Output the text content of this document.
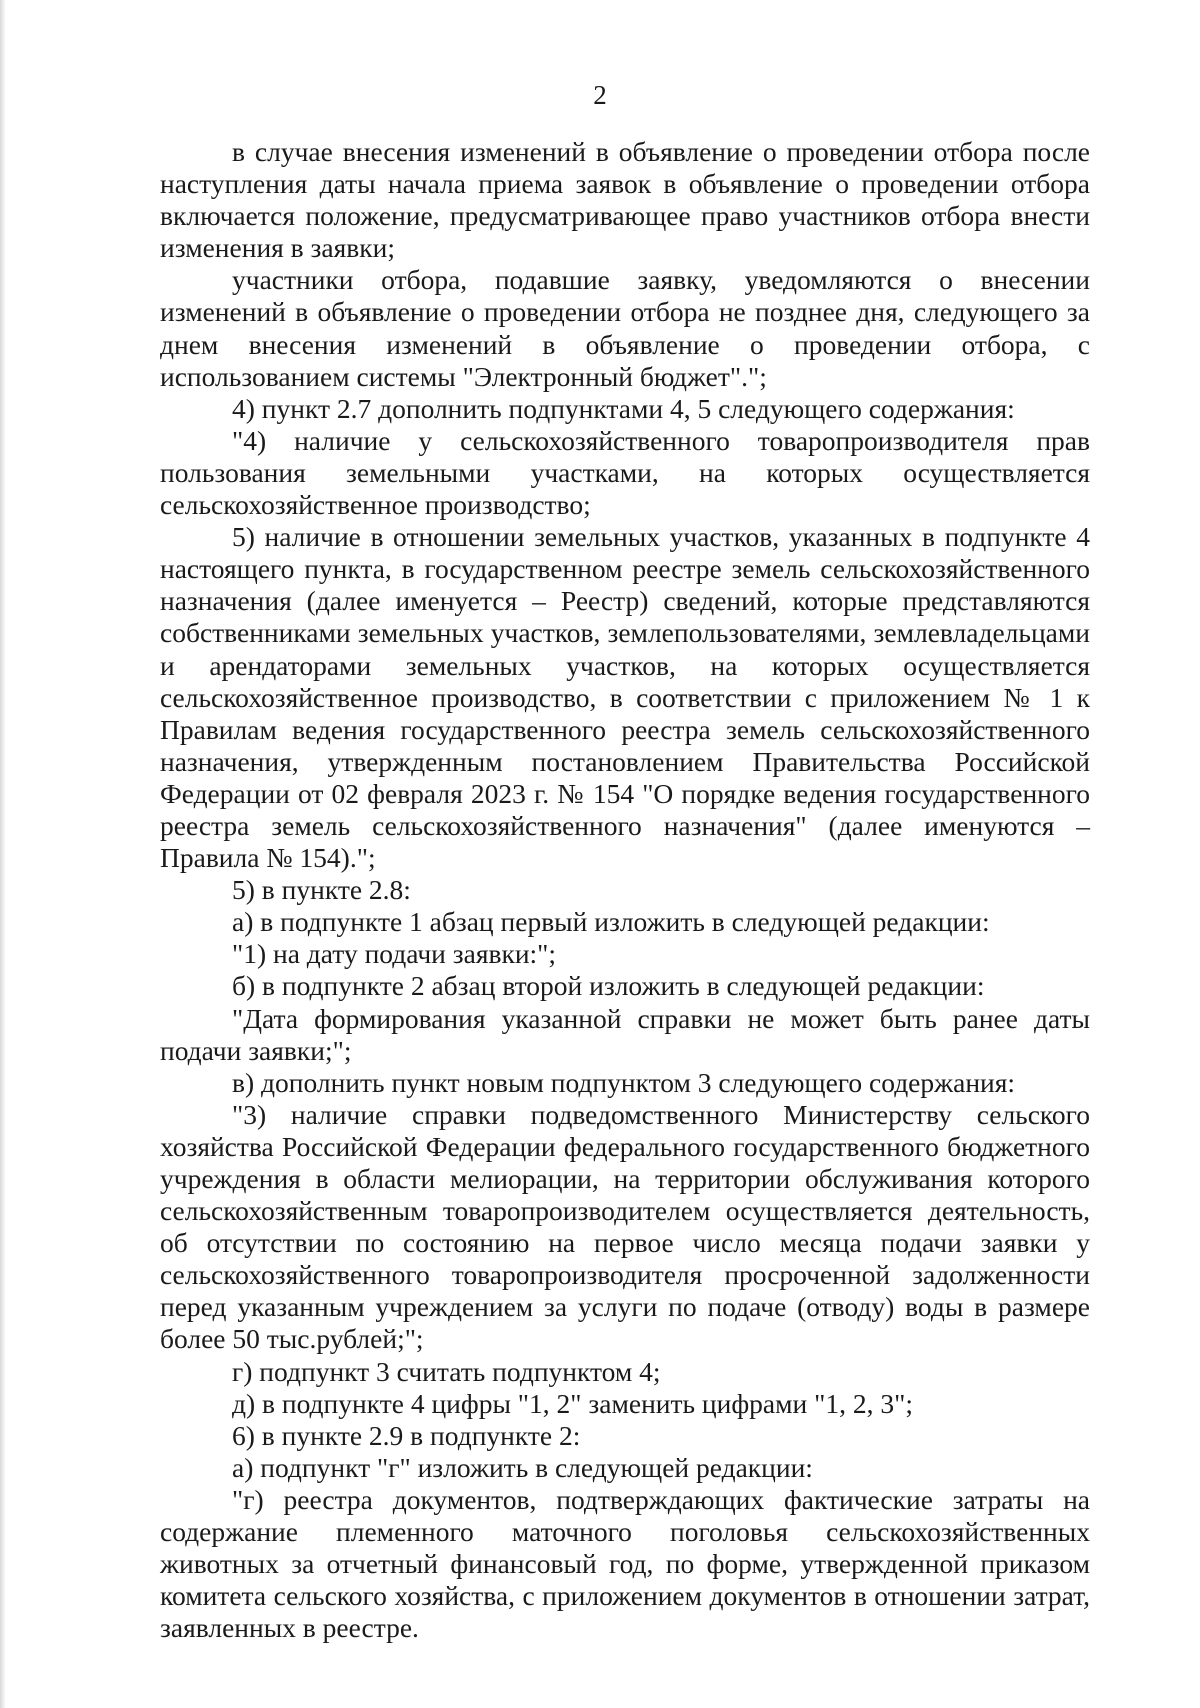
2

в случае внесения изменений в объявление о проведении отбора после наступления даты начала приема заявок в объявление о проведении отбора включается положение, предусматривающее право участников отбора внести изменения в заявки;

участники отбора, подавшие заявку, уведомляются о внесении изменений в объявление о проведении отбора не позднее дня, следующего за днем внесения изменений в объявление о проведении отбора, с использованием системы "Электронный бюджет".";

4) пункт 2.7 дополнить подпунктами 4, 5 следующего содержания:

"4) наличие у сельскохозяйственного товаропроизводителя прав пользования земельными участками, на которых осуществляется сельскохозяйственное производство;

5) наличие в отношении земельных участков, указанных в подпункте 4 настоящего пункта, в государственном реестре земель сельскохозяйственного назначения (далее именуется – Реестр) сведений, которые представляются собственниками земельных участков, землепользователями, землевладельцами и арендаторами земельных участков, на которых осуществляется сельскохозяйственное производство, в соответствии с приложением № 1 к Правилам ведения государственного реестра земель сельскохозяйственного назначения, утвержденным постановлением Правительства Российской Федерации от 02 февраля 2023 г. № 154 "О порядке ведения государственного реестра земель сельскохозяйственного назначения" (далее именуются – Правила № 154).";

5) в пункте 2.8:

а) в подпункте 1 абзац первый изложить в следующей редакции:

"1) на дату подачи заявки:";

б) в подпункте 2 абзац второй изложить в следующей редакции:

"Дата формирования указанной справки не может быть ранее даты подачи заявки;";

в) дополнить пункт новым подпунктом 3 следующего содержания:

"3) наличие справки подведомственного Министерству сельского хозяйства Российской Федерации федерального государственного бюджетного учреждения в области мелиорации, на территории обслуживания которого сельскохозяйственным товаропроизводителем осуществляется деятельность, об отсутствии по состоянию на первое число месяца подачи заявки у сельскохозяйственного товаропроизводителя просроченной задолженности перед указанным учреждением за услуги по подаче (отводу) воды в размере более 50 тыс.рублей;";

г) подпункт 3 считать подпунктом 4;

д) в подпункте 4 цифры "1, 2" заменить цифрами "1, 2, 3";

6) в пункте 2.9 в подпункте 2:

а) подпункт "г" изложить в следующей редакции:

"г) реестра документов, подтверждающих фактические затраты на содержание племенного маточного поголовья сельскохозяйственных животных за отчетный финансовый год, по форме, утвержденной приказом комитета сельского хозяйства, с приложением документов в отношении затрат, заявленных в реестре.
